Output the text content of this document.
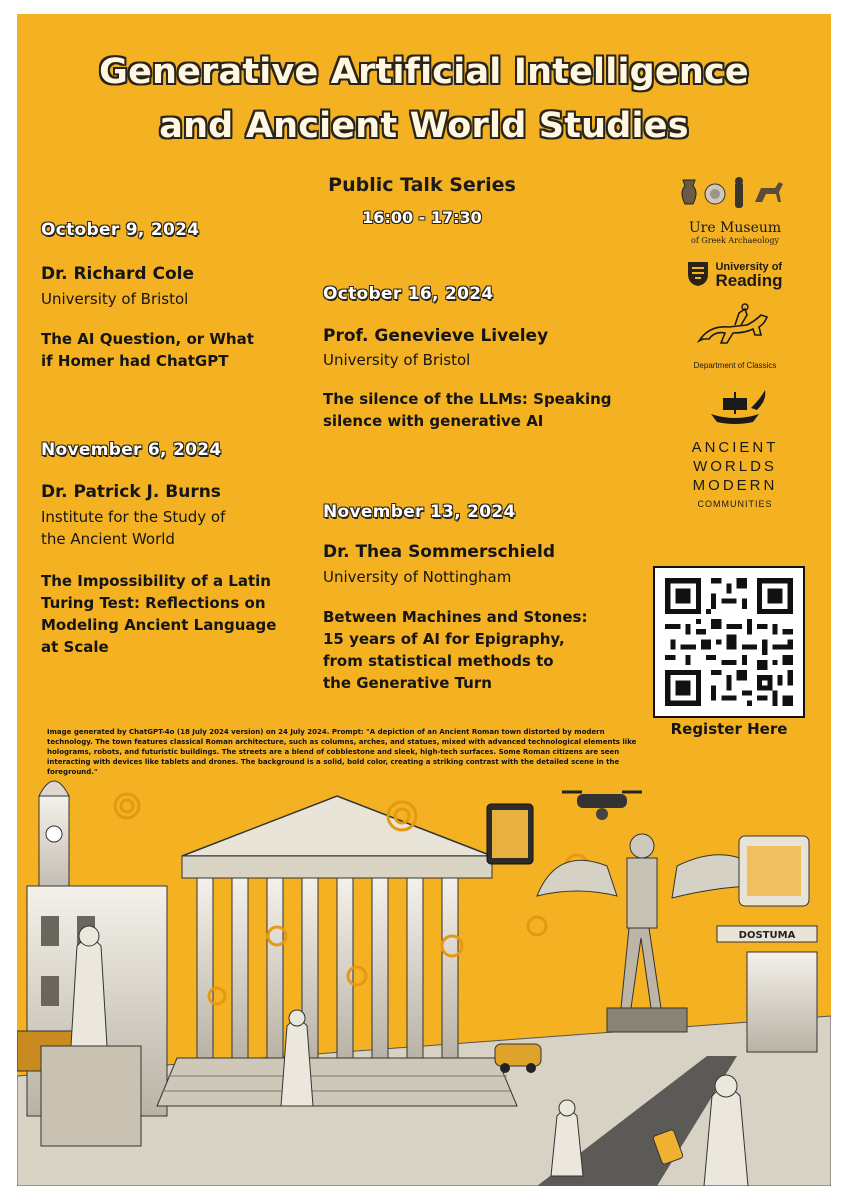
Generative Artificial Intelligence
and Ancient World Studies
Public Talk Series
16:00 - 17:30
October 9, 2024
Dr. Richard Cole
University of Bristol
The AI Question, or What
if Homer had ChatGPT
October 16, 2024
Prof. Genevieve Liveley
University of Bristol
The silence of the LLMs: Speaking
silence with generative AI
November 6, 2024
Dr. Patrick J. Burns
Institute for the Study of
the Ancient World
The Impossibility of a Latin
Turing Test: Reflections on
Modeling Ancient Language
at Scale
November 13, 2024
Dr. Thea Sommerschield
University of Nottingham
Between Machines and Stones:
15 years of AI for Epigraphy,
from statistical methods to
the Generative Turn
Ure Museum
of Greek Archaeology
University of
Reading
Department of Classics
ANCIENT
WORLDS
MODERN
COMMUNITIES
Register Here
Image generated by ChatGPT-4o (18 July 2024 version) on 24 July 2024. Prompt: "A depiction of an Ancient Roman town distorted by modern technology. The town features classical Roman architecture, such as columns, arches, and statues, mixed with advanced technological elements like holograms, robots, and futuristic buildings. The streets are a blend of cobblestone and sleek, high-tech surfaces. Some Roman citizens are seen interacting with devices like tablets and drones. The background is a solid, bold color, creating a striking contrast with the detailed scene in the foreground."
DOSTUMA
